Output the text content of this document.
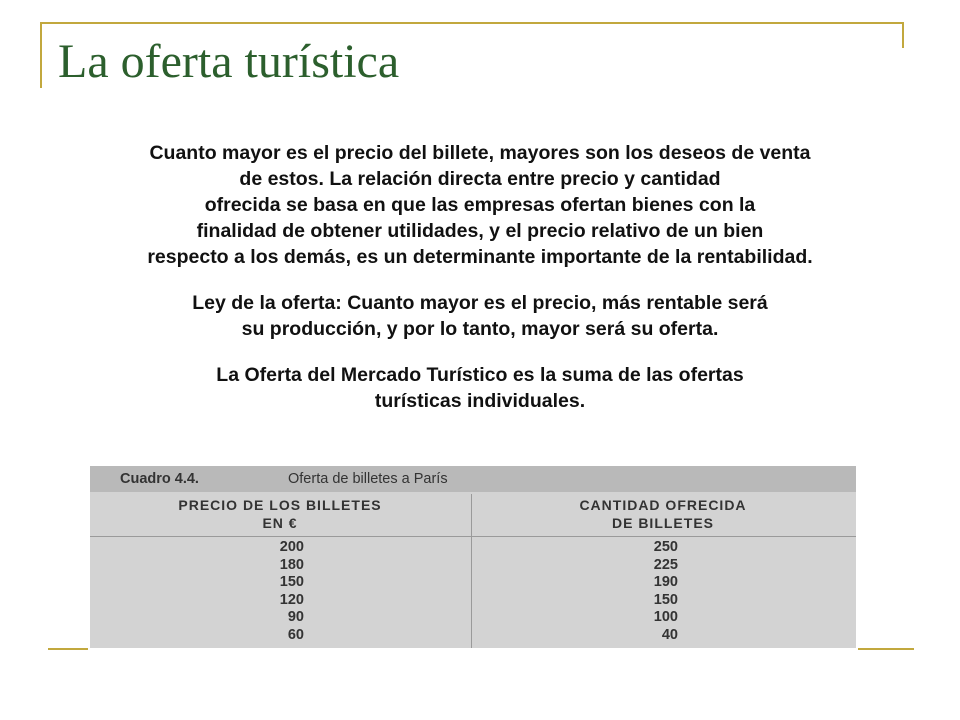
La oferta turística

Cuanto mayor es el precio del billete, mayores son los deseos de venta
de estos. La relación directa entre precio y cantidad
ofrecida se basa en que las empresas ofertan bienes con la
finalidad de obtener utilidades, y el precio relativo de un bien
respecto a los demás, es un determinante importante de la rentabilidad.

Ley de la oferta: Cuanto mayor es el precio, más rentable será
su producción, y por lo tanto, mayor será su oferta.

La Oferta del Mercado Turístico es la suma de las ofertas
turísticas individuales.

Cuadro 4.4.	Oferta de billetes a París
PRECIO DE LOS BILLETES
EN €
CANTIDAD OFRECIDA
DE BILLETES
200
180
150
120
90
60
250
225
190
150
100
40
